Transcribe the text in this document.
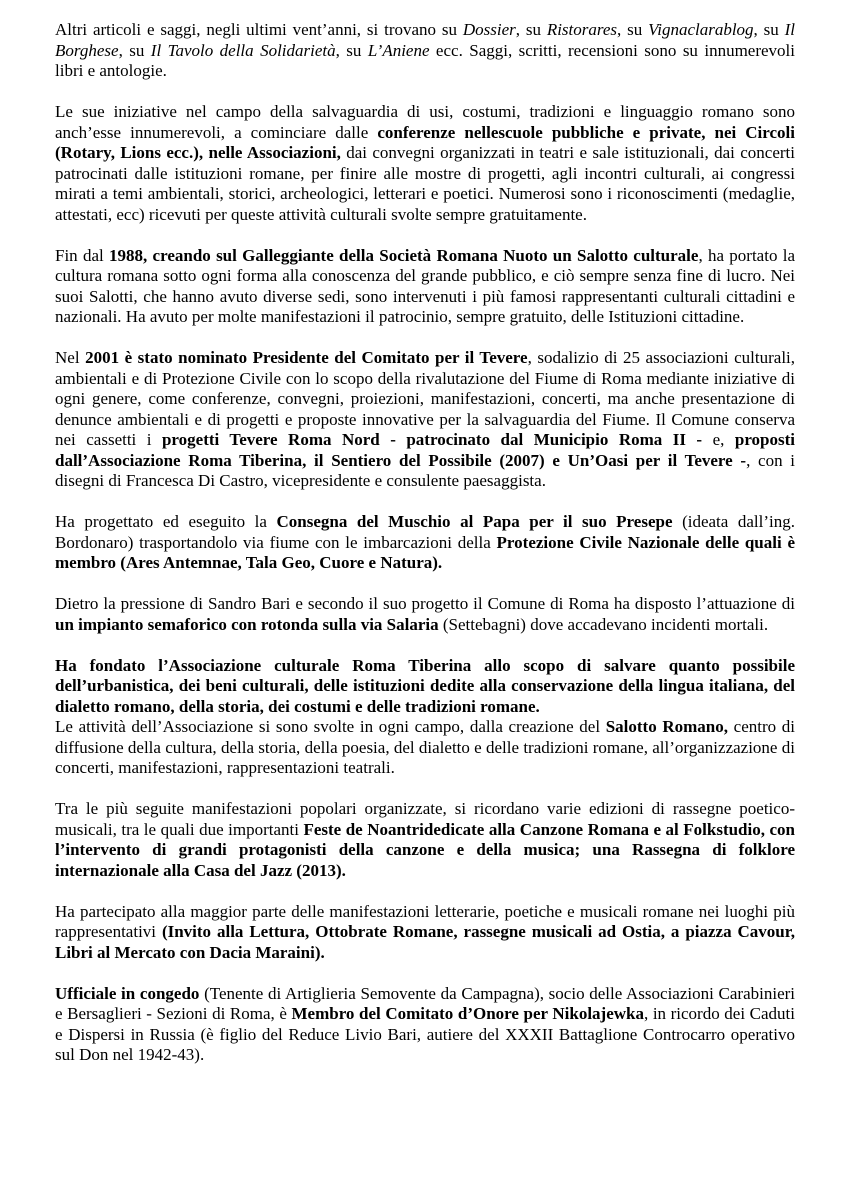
Altri articoli e saggi, negli ultimi vent’anni, si trovano su Dossier, su Ristorares, su Vignaclarablog, su Il Borghese, su Il Tavolo della Solidarietà, su L’Aniene ecc. Saggi, scritti, recensioni sono su innumerevoli libri e antologie.

Le sue iniziative nel campo della salvaguardia di usi, costumi, tradizioni e linguaggio romano sono anch’esse innumerevoli, a cominciare dalle conferenze nellescuole pubbliche e private, nei Circoli (Rotary, Lions ecc.), nelle Associazioni, dai convegni organizzati in teatri e sale istituzionali, dai concerti patrocinati dalle istituzioni romane, per finire alle mostre di progetti, agli incontri culturali, ai congressi mirati a temi ambientali, storici, archeologici, letterari e poetici. Numerosi sono i riconoscimenti (medaglie, attestati, ecc) ricevuti per queste attività culturali svolte sempre gratuitamente.

Fin dal 1988, creando sul Galleggiante della Società Romana Nuoto un Salotto culturale, ha portato la cultura romana sotto ogni forma alla conoscenza del grande pubblico, e ciò sempre senza fine di lucro. Nei suoi Salotti, che hanno avuto diverse sedi, sono intervenuti i più famosi rappresentanti culturali cittadini e nazionali. Ha avuto per molte manifestazioni il patrocinio, sempre gratuito, delle Istituzioni cittadine.

Nel 2001 è stato nominato Presidente del Comitato per il Tevere, sodalizio di 25 associazioni culturali, ambientali e di Protezione Civile con lo scopo della rivalutazione del Fiume di Roma mediante iniziative di ogni genere, come conferenze, convegni, proiezioni, manifestazioni, concerti, ma anche presentazione di denunce ambientali e di progetti e proposte innovative per la salvaguardia del Fiume. Il Comune conserva nei cassetti i progetti Tevere Roma Nord - patrocinato dal Municipio Roma II - e, proposti dall’Associazione Roma Tiberina, il Sentiero del Possibile (2007) e Un’Oasi per il Tevere -, con i disegni di Francesca Di Castro, vicepresidente e consulente paesaggista.

Ha progettato ed eseguito la Consegna del Muschio al Papa per il suo Presepe (ideata dall’ing. Bordonaro) trasportandolo via fiume con le imbarcazioni della Protezione Civile Nazionale delle quali è membro (Ares Antemnae, Tala Geo, Cuore e Natura).

Dietro la pressione di Sandro Bari e secondo il suo progetto il Comune di Roma ha disposto l’attuazione di un impianto semaforico con rotonda sulla via Salaria (Settebagni) dove accadevano incidenti mortali.

Ha fondato l’Associazione culturale Roma Tiberina allo scopo di salvare quanto possibile dell’urbanistica, dei beni culturali, delle istituzioni dedite alla conservazione della lingua italiana, del dialetto romano, della storia, dei costumi e delle tradizioni romane.

Le attività dell’Associazione si sono svolte in ogni campo, dalla creazione del Salotto Romano, centro di diffusione della cultura, della storia, della poesia, del dialetto e delle tradizioni romane, all’organizzazione di concerti, manifestazioni, rappresentazioni teatrali.

Tra le più seguite manifestazioni popolari organizzate, si ricordano varie edizioni di rassegne poetico-musicali, tra le quali due importanti Feste de Noantridedicate alla Canzone Romana e al Folkstudio, con l’intervento di grandi protagonisti della canzone e della musica; una Rassegna di folklore internazionale alla Casa del Jazz (2013).

Ha partecipato alla maggior parte delle manifestazioni letterarie, poetiche e musicali romane nei luoghi più rappresentativi (Invito alla Lettura, Ottobrate Romane, rassegne musicali ad Ostia, a piazza Cavour, Libri al Mercato con Dacia Maraini).

Ufficiale in congedo (Tenente di Artiglieria Semovente da Campagna), socio delle Associazioni Carabinieri e Bersaglieri - Sezioni di Roma, è Membro del Comitato d’Onore per Nikolajewka, in ricordo dei Caduti e Dispersi in Russia (è figlio del Reduce Livio Bari, autiere del XXXII Battaglione Controcarro operativo sul Don nel 1942-43).
